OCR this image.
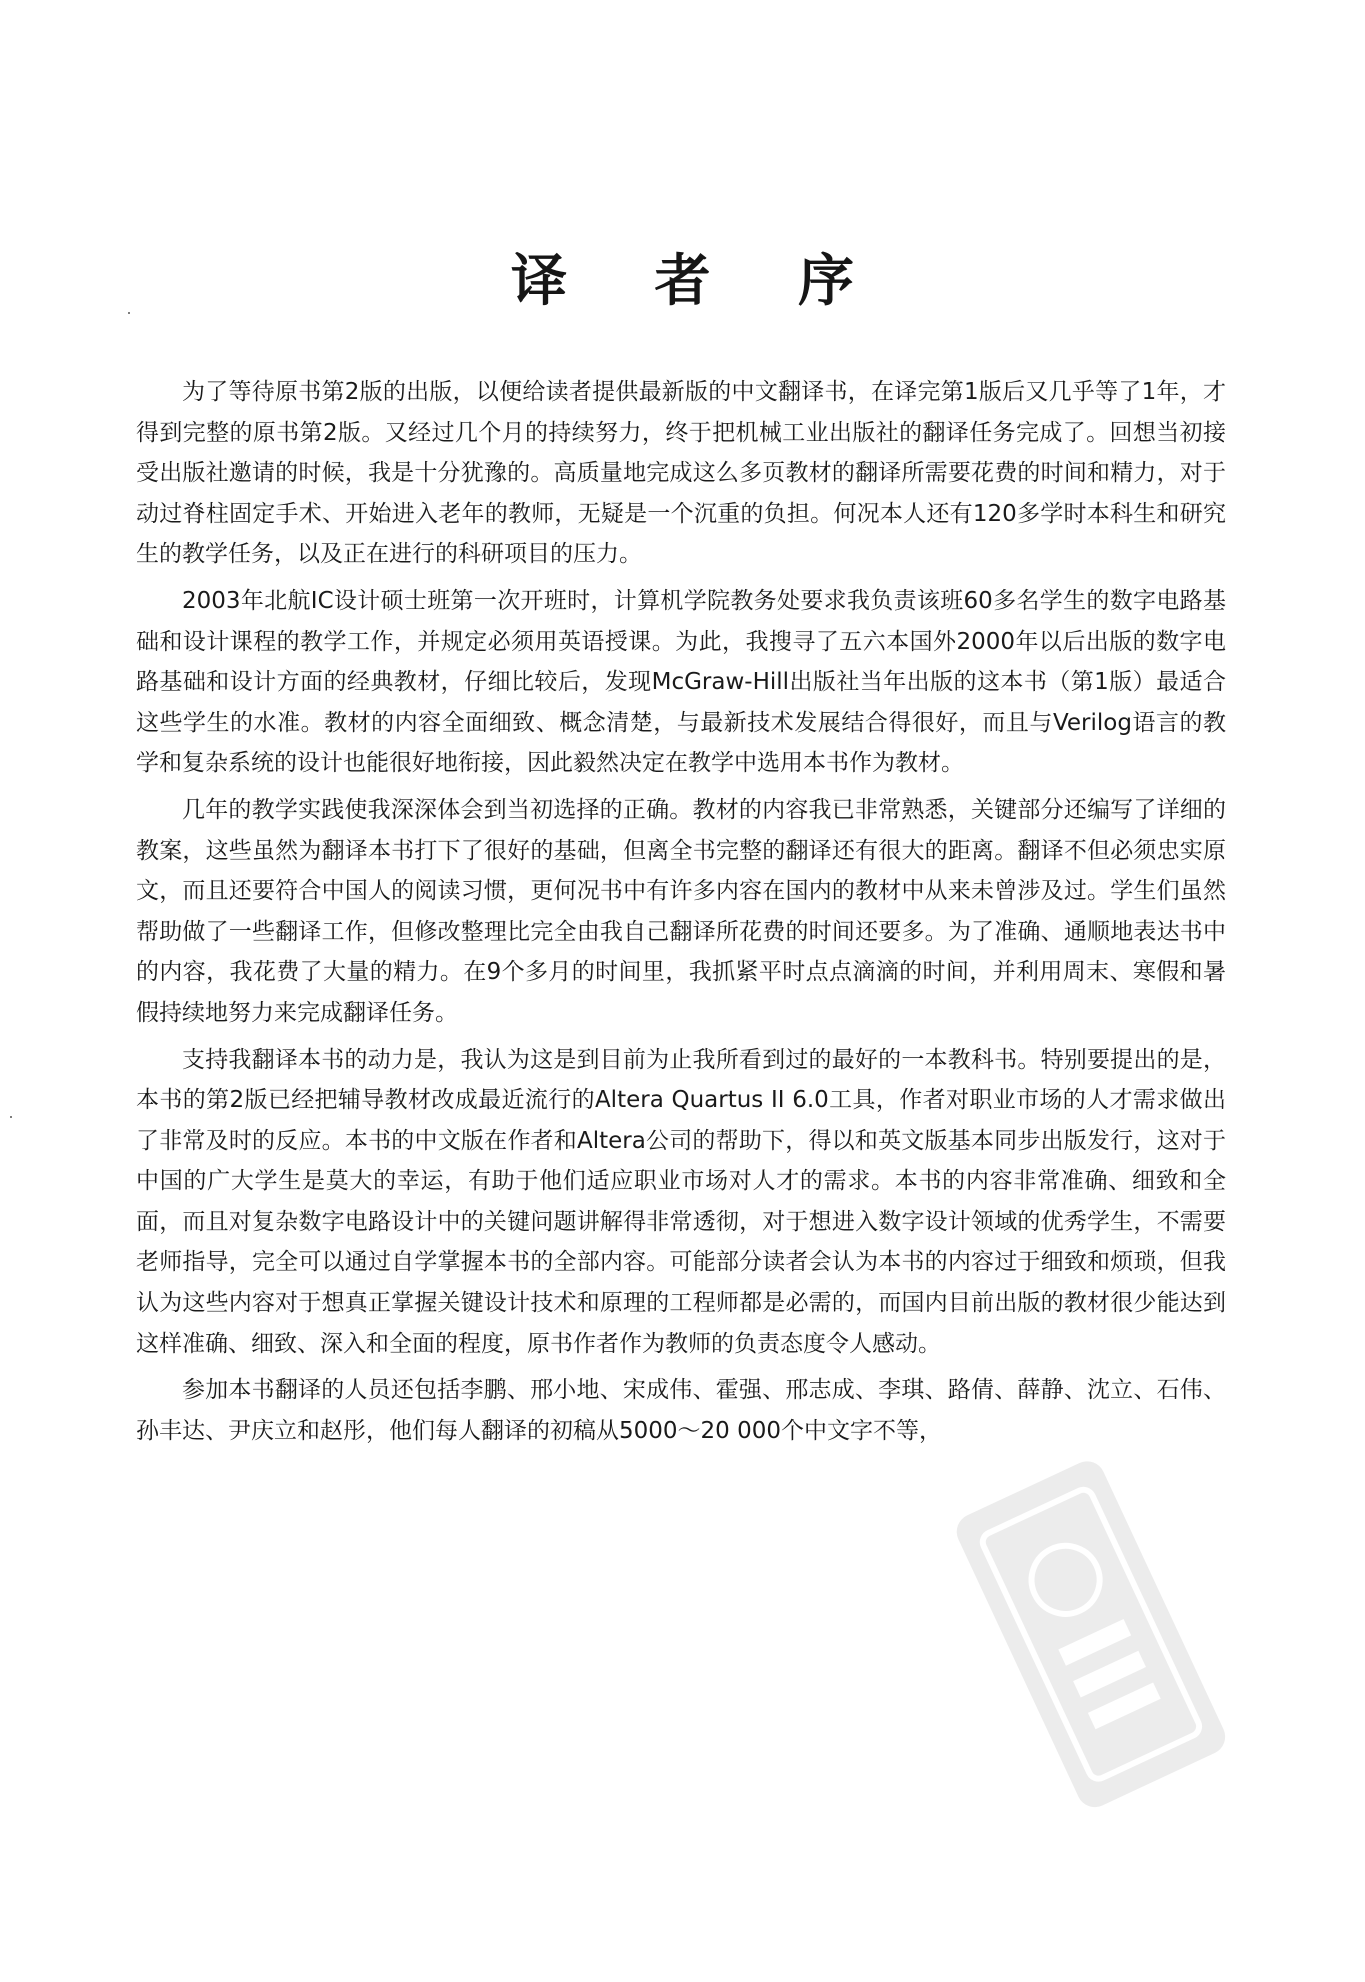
译 者 序

为了等待原书第2版的出版，以便给读者提供最新版的中文翻译书，在译完第1版后又几乎等了1年，才得到完整的原书第2版。又经过几个月的持续努力，终于把机械工业出版社的翻译任务完成了。回想当初接受出版社邀请的时候，我是十分犹豫的。高质量地完成这么多页教材的翻译所需要花费的时间和精力，对于动过脊柱固定手术、开始进入老年的教师，无疑是一个沉重的负担。何况本人还有120多学时本科生和研究生的教学任务，以及正在进行的科研项目的压力。

2003年北航IC设计硕士班第一次开班时，计算机学院教务处要求我负责该班60多名学生的数字电路基础和设计课程的教学工作，并规定必须用英语授课。为此，我搜寻了五六本国外2000年以后出版的数字电路基础和设计方面的经典教材，仔细比较后，发现McGraw-Hill出版社当年出版的这本书（第1版）最适合这些学生的水准。教材的内容全面细致、概念清楚，与最新技术发展结合得很好，而且与Verilog语言的教学和复杂系统的设计也能很好地衔接，因此毅然决定在教学中选用本书作为教材。

几年的教学实践使我深深体会到当初选择的正确。教材的内容我已非常熟悉，关键部分还编写了详细的教案，这些虽然为翻译本书打下了很好的基础，但离全书完整的翻译还有很大的距离。翻译不但必须忠实原文，而且还要符合中国人的阅读习惯，更何况书中有许多内容在国内的教材中从来未曾涉及过。学生们虽然帮助做了一些翻译工作，但修改整理比完全由我自己翻译所花费的时间还要多。为了准确、通顺地表达书中的内容，我花费了大量的精力。在9个多月的时间里，我抓紧平时点点滴滴的时间，并利用周末、寒假和暑假持续地努力来完成翻译任务。

支持我翻译本书的动力是，我认为这是到目前为止我所看到过的最好的一本教科书。特别要提出的是，本书的第2版已经把辅导教材改成最近流行的Altera Quartus II 6.0工具，作者对职业市场的人才需求做出了非常及时的反应。本书的中文版在作者和Altera公司的帮助下，得以和英文版基本同步出版发行，这对于中国的广大学生是莫大的幸运，有助于他们适应职业市场对人才的需求。本书的内容非常准确、细致和全面，而且对复杂数字电路设计中的关键问题讲解得非常透彻，对于想进入数字设计领域的优秀学生，不需要老师指导，完全可以通过自学掌握本书的全部内容。可能部分读者会认为本书的内容过于细致和烦琐，但我认为这些内容对于想真正掌握关键设计技术和原理的工程师都是必需的，而国内目前出版的教材很少能达到这样准确、细致、深入和全面的程度，原书作者作为教师的负责态度令人感动。

参加本书翻译的人员还包括李鹏、邢小地、宋成伟、霍强、邢志成、李琪、路倩、薛静、沈立、石伟、孙丰达、尹庆立和赵彤，他们每人翻译的初稿从5000～20 000个中文字不等，
